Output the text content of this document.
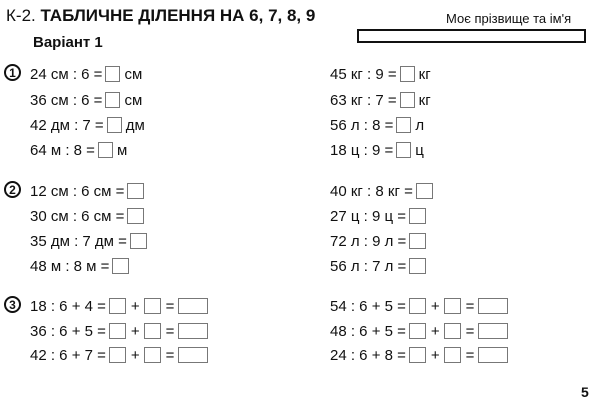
К-2. ТАБЛИЧНЕ ДІЛЕННЯ НА 6, 7, 8, 9
Варіант 1
Моє прізвище та ім'я
1
2
3
24 см : 6 = см
36 см : 6 = см
42 дм : 7 = дм
64 м : 8 = м
45 кг : 9 = кг
63 кг : 7 = кг
56 л : 8 = л
18 ц : 9 = ц
12 см : 6 см =
30 см : 6 см =
35 дм : 7 дм =
48 м : 8 м =
40 кг : 8 кг =
27 ц : 9 ц =
72 л : 9 л =
56 л : 7 л =
18 : 6 + 4 = + =
36 : 6 + 5 = + =
42 : 6 + 7 = + =
54 : 6 + 5 = + =
48 : 6 + 5 = + =
24 : 6 + 8 = + =
5
